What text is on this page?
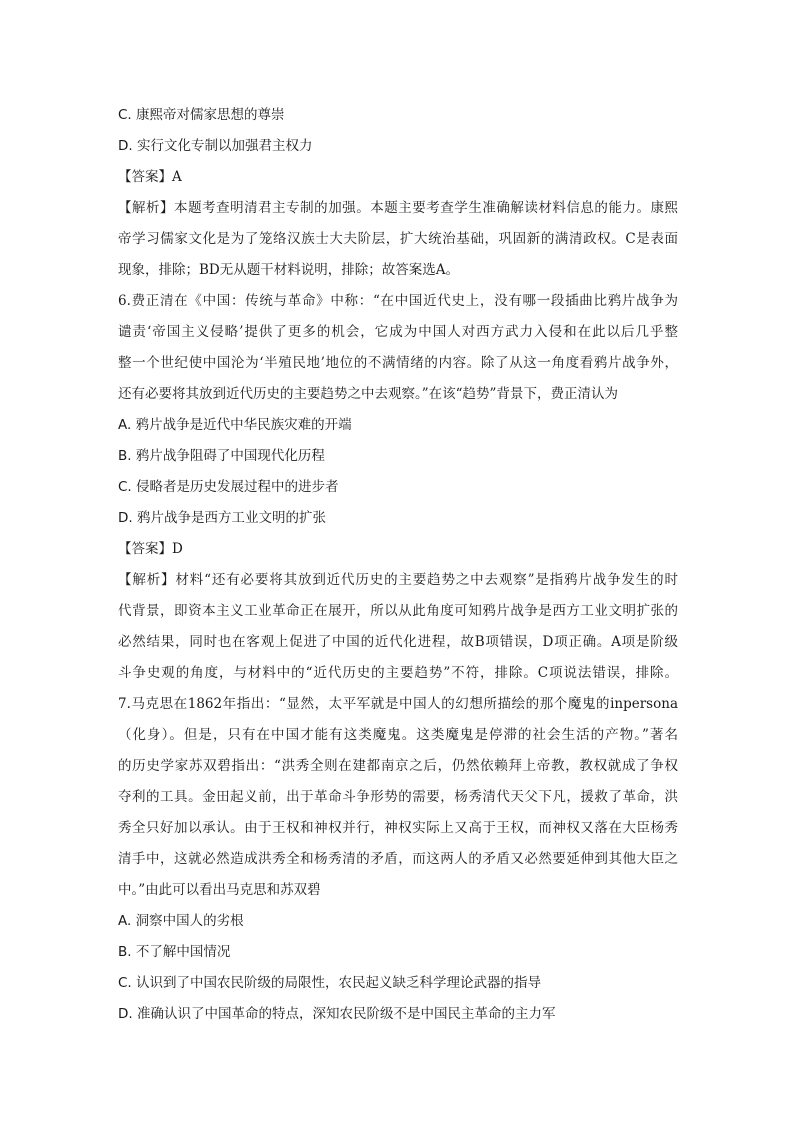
C. 康熙帝对儒家思想的尊崇
D. 实行文化专制以加强君主权力
【答案】A
【解析】本题考查明清君主专制的加强。本题主要考查学生准确解读材料信息的能力。康熙
帝学习儒家文化是为了笼络汉族士大夫阶层，扩大统治基础，巩固新的满清政权。C是表面
现象，排除；BD无从题干材料说明，排除；故答案选A。
6.费正清在《中国：传统与革命》中称：“在中国近代史上，没有哪一段插曲比鸦片战争为
谴责‘帝国主义侵略’提供了更多的机会，它成为中国人对西方武力入侵和在此以后几乎整
整一个世纪使中国沦为‘半殖民地’地位的不满情绪的内容。除了从这一角度看鸦片战争外，
还有必要将其放到近代历史的主要趋势之中去观察。”在该“趋势”背景下，费正清认为
A. 鸦片战争是近代中华民族灾难的开端
B. 鸦片战争阻碍了中国现代化历程
C. 侵略者是历史发展过程中的进步者
D. 鸦片战争是西方工业文明的扩张
【答案】D
【解析】材料“还有必要将其放到近代历史的主要趋势之中去观察”是指鸦片战争发生的时
代背景，即资本主义工业革命正在展开，所以从此角度可知鸦片战争是西方工业文明扩张的
必然结果，同时也在客观上促进了中国的近代化进程，故B项错误，D项正确。A项是阶级
斗争史观的角度，与材料中的“近代历史的主要趋势”不符，排除。C项说法错误，排除。
7.马克思在1862年指出：“显然，太平军就是中国人的幻想所描绘的那个魔鬼的inpersona
（化身）。但是，只有在中国才能有这类魔鬼。这类魔鬼是停滞的社会生活的产物。”著名
的历史学家苏双碧指出：“洪秀全则在建都南京之后，仍然依赖拜上帝教，教权就成了争权
夺利的工具。金田起义前，出于革命斗争形势的需要，杨秀清代天父下凡，援救了革命，洪
秀全只好加以承认。由于王权和神权并行，神权实际上又高于王权，而神权又落在大臣杨秀
清手中，这就必然造成洪秀全和杨秀清的矛盾，而这两人的矛盾又必然要延伸到其他大臣之
中。”由此可以看出马克思和苏双碧
A. 洞察中国人的劣根
B. 不了解中国情况
C. 认识到了中国农民阶级的局限性，农民起义缺乏科学理论武器的指导
D. 准确认识了中国革命的特点，深知农民阶级不是中国民主革命的主力军
